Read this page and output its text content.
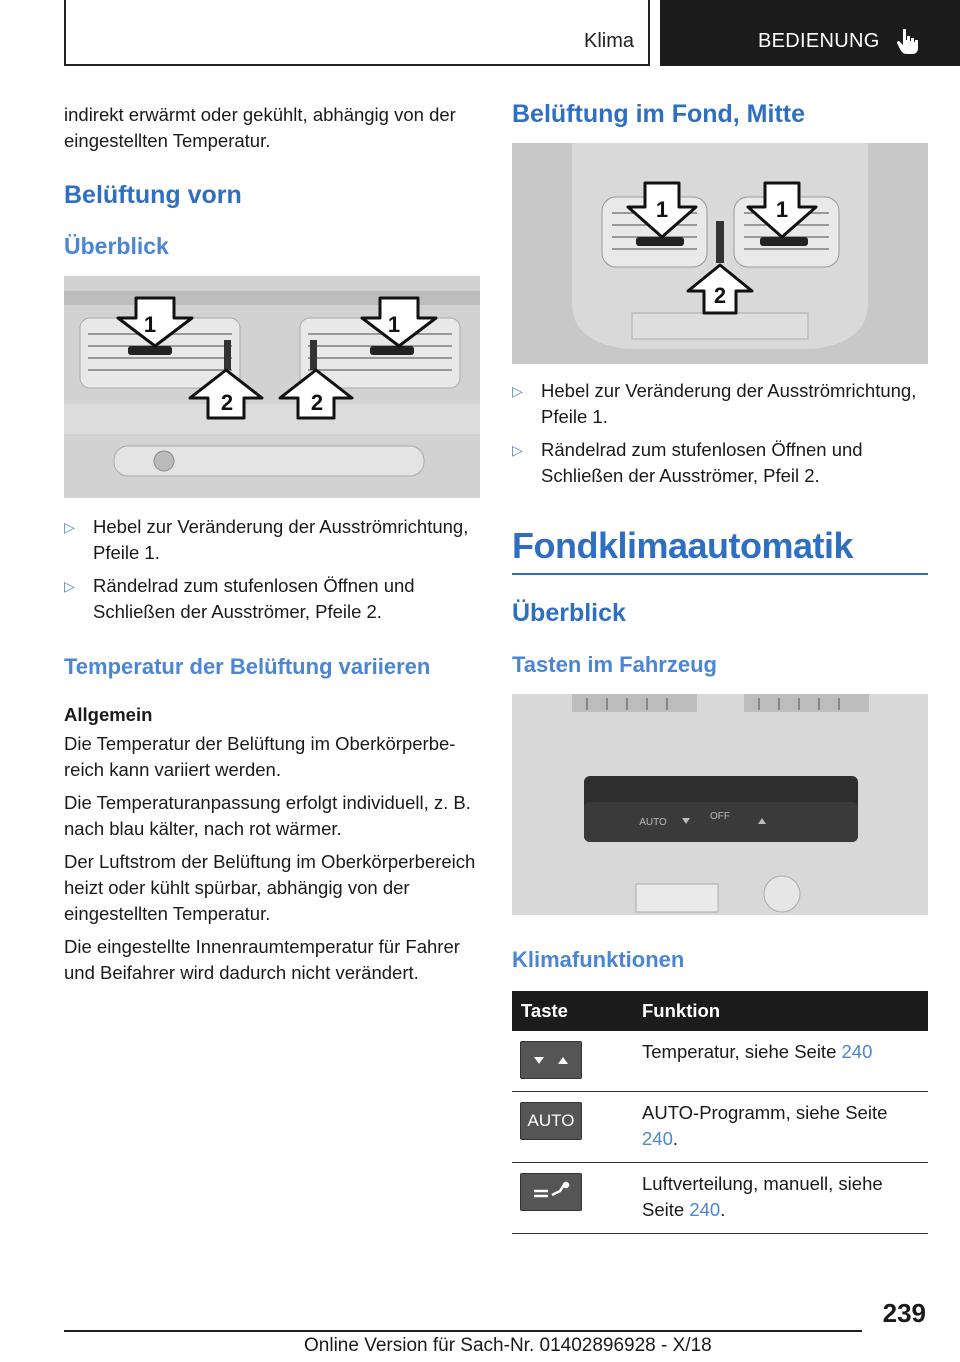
Klima	BEDIENUNG

indirekt erwärmt oder gekühlt, abhängig von der eingestellten Temperatur.

Belüftung vorn
Überblick
1	1
2	2
▷ Hebel zur Veränderung der Ausströmrichtung, Pfeile 1.
▷ Rändelrad zum stufenlosen Öffnen und Schließen der Ausströmer, Pfeile 2.
Temperatur der Belüftung variieren
Allgemein

Die Temperatur der Belüftung im Oberkörperbereich kann variiert werden.

Die Temperaturanpassung erfolgt individuell, z. B. nach blau kälter, nach rot wärmer.

Der Luftstrom der Belüftung im Oberkörperbereich heizt oder kühlt spürbar, abhängig von der eingestellten Temperatur.

Die eingestellte Innenraumtemperatur für Fahrer und Beifahrer wird dadurch nicht verändert.

Belüftung im Fond, Mitte
1	1
2
▷ Hebel zur Veränderung der Ausströmrichtung, Pfeile 1.
▷ Rändelrad zum stufenlosen Öffnen und Schließen der Ausströmer, Pfeil 2.
Fondklimaautomatik
Überblick
Tasten im Fahrzeug
AUTO
OFF
Klimafunktionen
Taste	Funktion

	Temperatur, siehe Seite 240

AUTO	AUTO-Programm, siehe Seite 240.

	Luftverteilung, manuell, siehe Seite 240.
239
Online Version für Sach-Nr. 01402896928 - X/18
